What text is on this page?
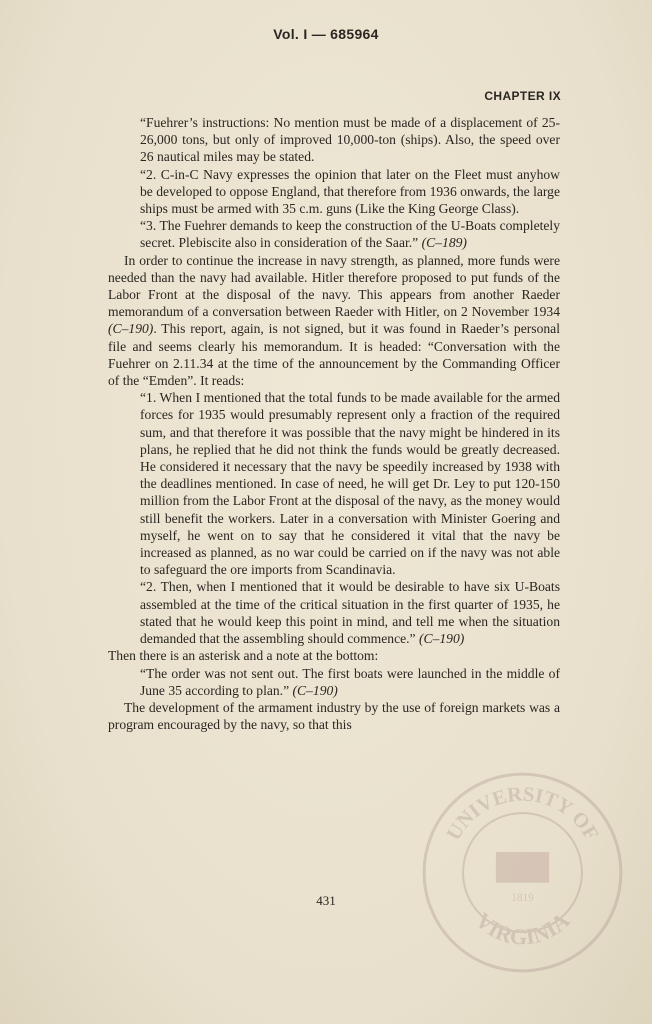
Vol. I — 685964
CHAPTER IX

“Fuehrer’s instructions: No mention must be made of a displacement of 25-26,000 tons, but only of improved 10,000-ton (ships). Also, the speed over 26 nautical miles may be stated.

“2. C-in-C Navy expresses the opinion that later on the Fleet must anyhow be developed to oppose England, that therefore from 1936 onwards, the large ships must be armed with 35 c.m. guns (Like the King George Class).

“3. The Fuehrer demands to keep the construction of the U-Boats completely secret. Plebiscite also in consideration of the Saar.” (C–189)

In order to continue the increase in navy strength, as planned, more funds were needed than the navy had available. Hitler therefore proposed to put funds of the Labor Front at the disposal of the navy. This appears from another Raeder memorandum of a conversation between Raeder with Hitler, on 2 November 1934 (C–190). This report, again, is not signed, but it was found in Raeder’s personal file and seems clearly his memorandum. It is headed: “Conversation with the Fuehrer on 2.11.34 at the time of the announcement by the Commanding Officer of the “Emden”. It reads:

“1. When I mentioned that the total funds to be made available for the armed forces for 1935 would presumably represent only a fraction of the required sum, and that therefore it was possible that the navy might be hindered in its plans, he replied that he did not think the funds would be greatly decreased. He considered it necessary that the navy be speedily increased by 1938 with the deadlines mentioned. In case of need, he will get Dr. Ley to put 120-150 million from the Labor Front at the disposal of the navy, as the money would still benefit the workers. Later in a conversation with Minister Goering and myself, he went on to say that he considered it vital that the navy be increased as planned, as no war could be carried on if the navy was not able to safeguard the ore imports from Scandinavia.

“2. Then, when I mentioned that it would be desirable to have six U-Boats assembled at the time of the critical situation in the first quarter of 1935, he stated that he would keep this point in mind, and tell me when the situation demanded that the assembling should commence.” (C–190)

Then there is an asterisk and a note at the bottom:

“The order was not sent out. The first boats were launched in the middle of June 35 according to plan.” (C–190)

The development of the armament industry by the use of foreign markets was a program encouraged by the navy, so that this

431
UNIVERSITY OF
VIRGINIA
1819
